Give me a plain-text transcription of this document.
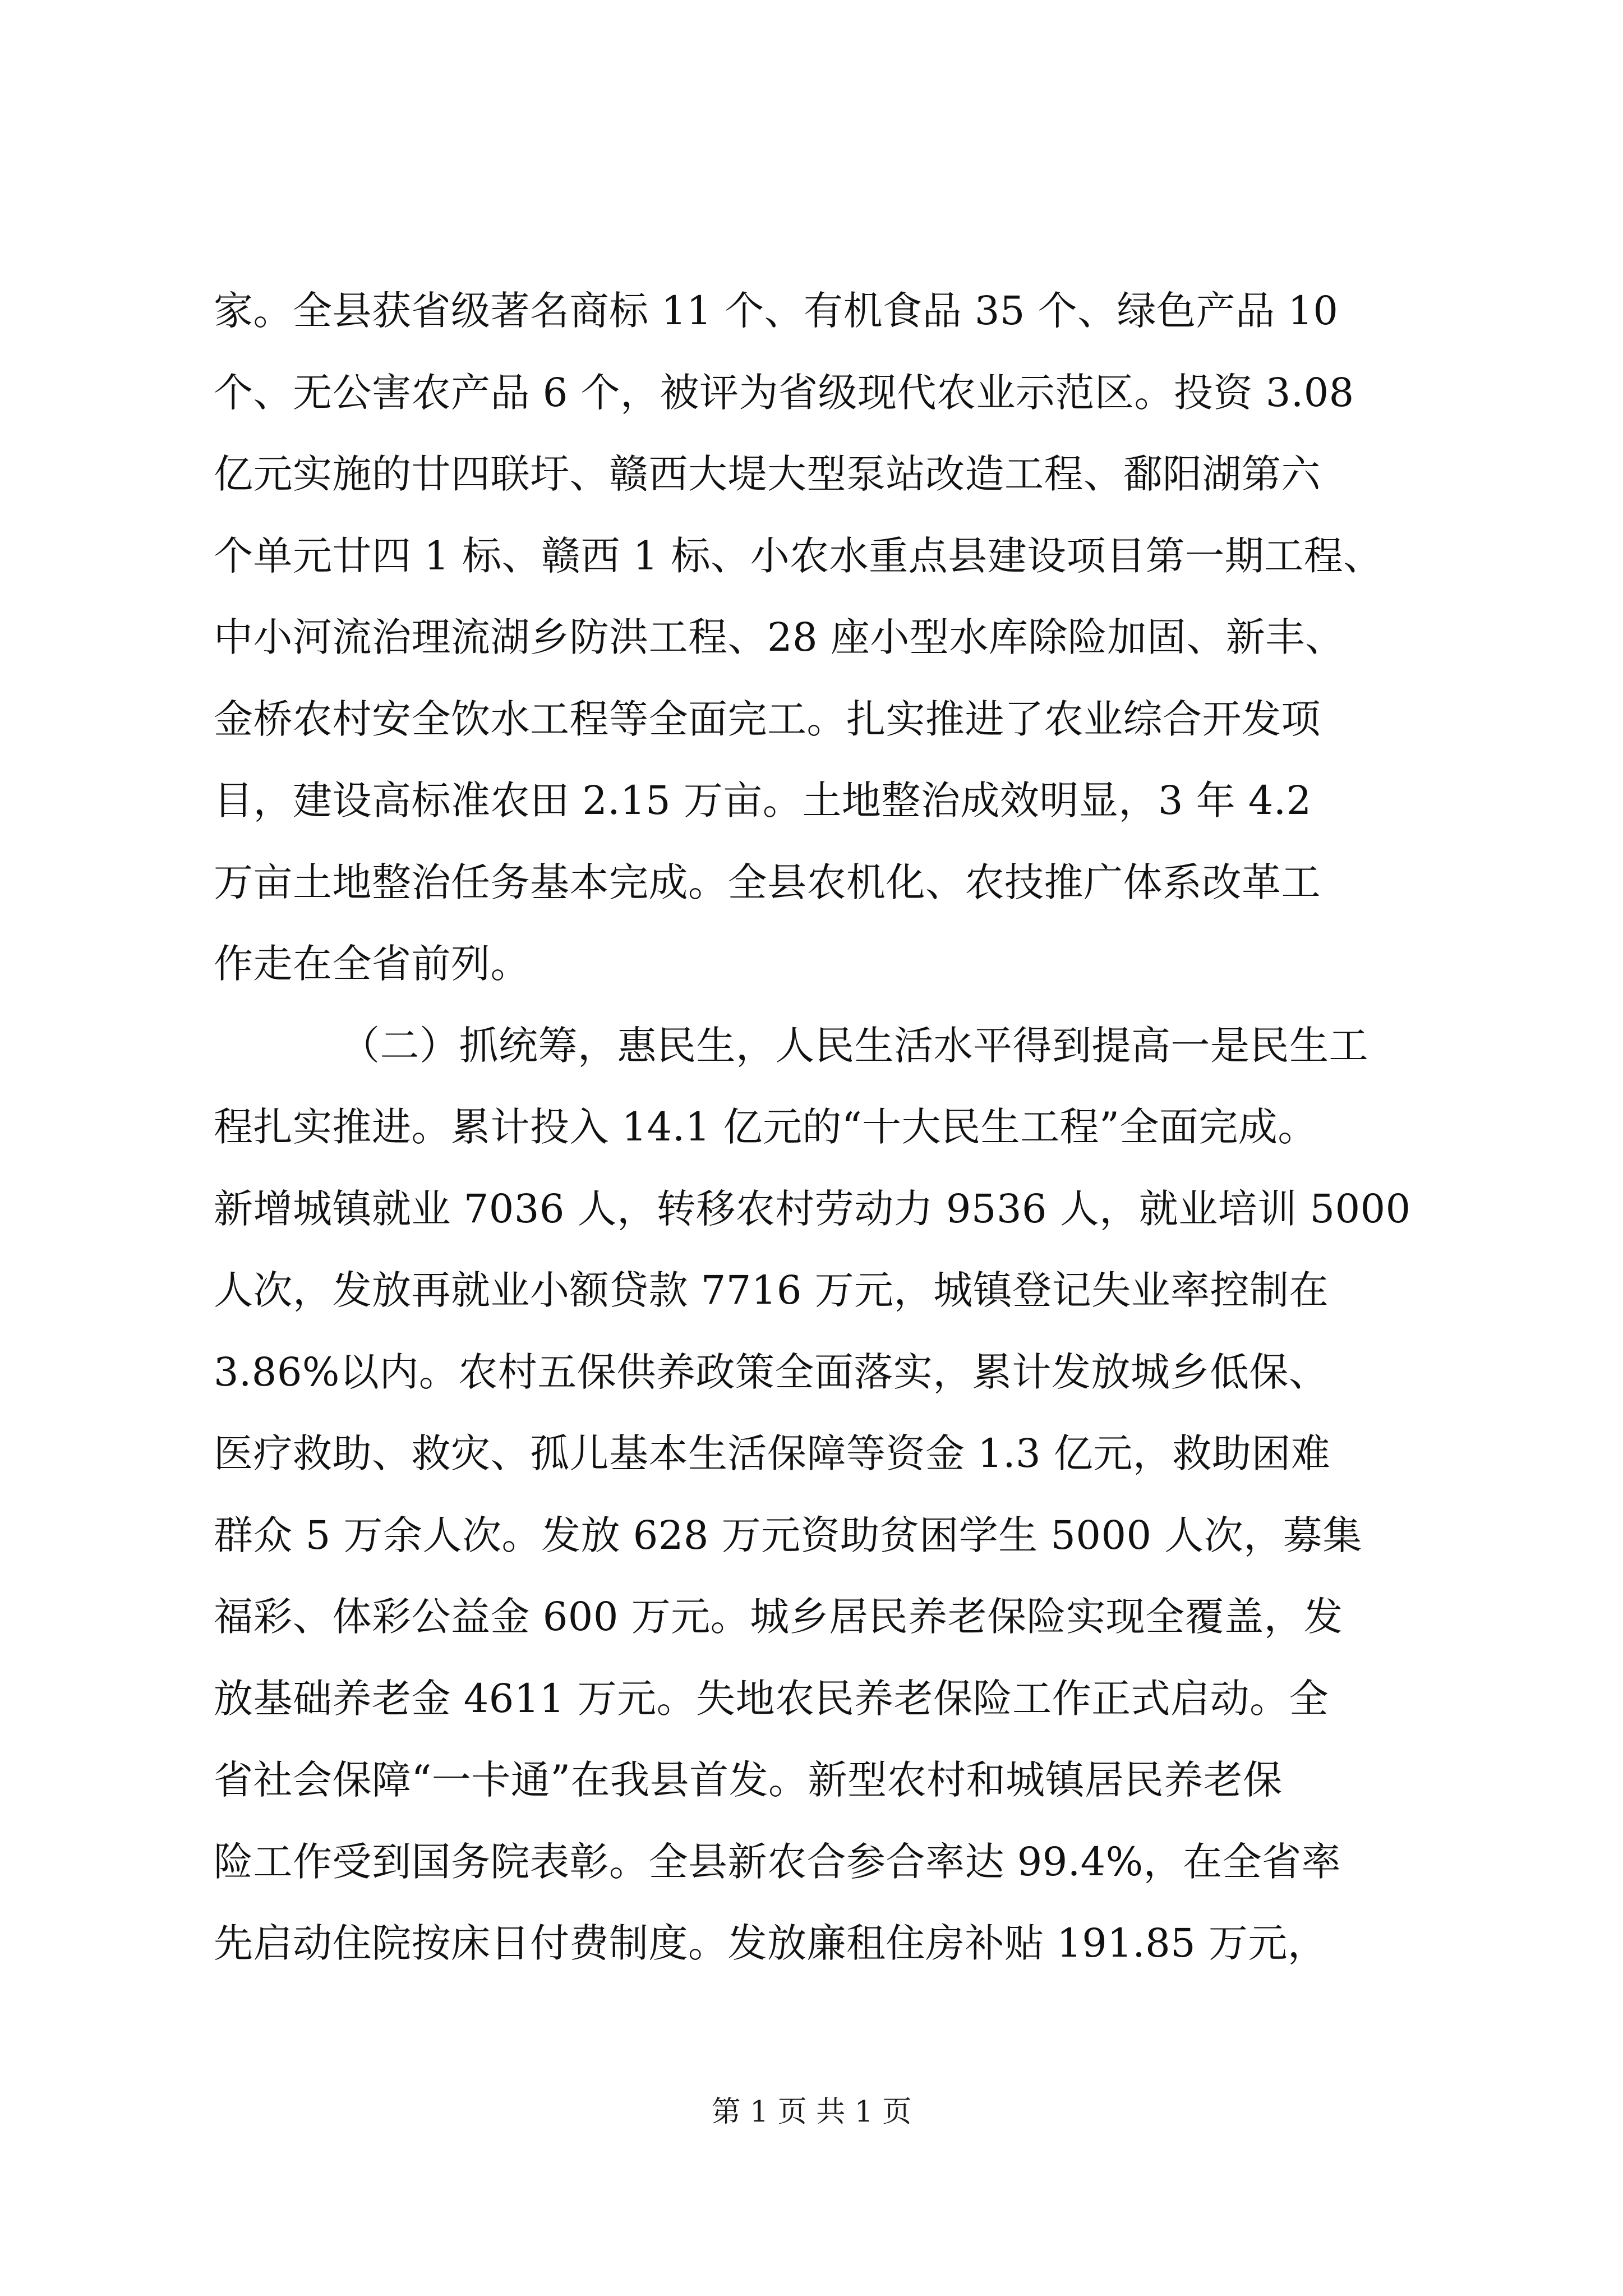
家。全县获省级著名商标 11 个、有机食品 35 个、绿色产品 10
个、无公害农产品 6 个，被评为省级现代农业示范区。投资 3.08
亿元实施的廿四联圩、赣西大堤大型泵站改造工程、鄱阳湖第六
个单元廿四 1 标、赣西 1 标、小农水重点县建设项目第一期工程、
中小河流治理流湖乡防洪工程、28 座小型水库除险加固、新丰、
金桥农村安全饮水工程等全面完工。扎实推进了农业综合开发项
目，建设高标准农田 2.15 万亩。土地整治成效明显，3 年 4.2
万亩土地整治任务基本完成。全县农机化、农技推广体系改革工
作走在全省前列。
（二）抓统筹，惠民生，人民生活水平得到提高一是民生工
程扎实推进。累计投入 14.1 亿元的“十大民生工程”全面完成。
新增城镇就业 7036 人，转移农村劳动力 9536 人，就业培训 5000
人次，发放再就业小额贷款 7716 万元，城镇登记失业率控制在
3.86%以内。农村五保供养政策全面落实，累计发放城乡低保、
医疗救助、救灾、孤儿基本生活保障等资金 1.3 亿元，救助困难
群众 5 万余人次。发放 628 万元资助贫困学生 5000 人次，募集
福彩、体彩公益金 600 万元。城乡居民养老保险实现全覆盖，发
放基础养老金 4611 万元。失地农民养老保险工作正式启动。全
省社会保障“一卡通”在我县首发。新型农村和城镇居民养老保
险工作受到国务院表彰。全县新农合参合率达 99.4%，在全省率
先启动住院按床日付费制度。发放廉租住房补贴 191.85 万元，
第 1 页 共 1 页
